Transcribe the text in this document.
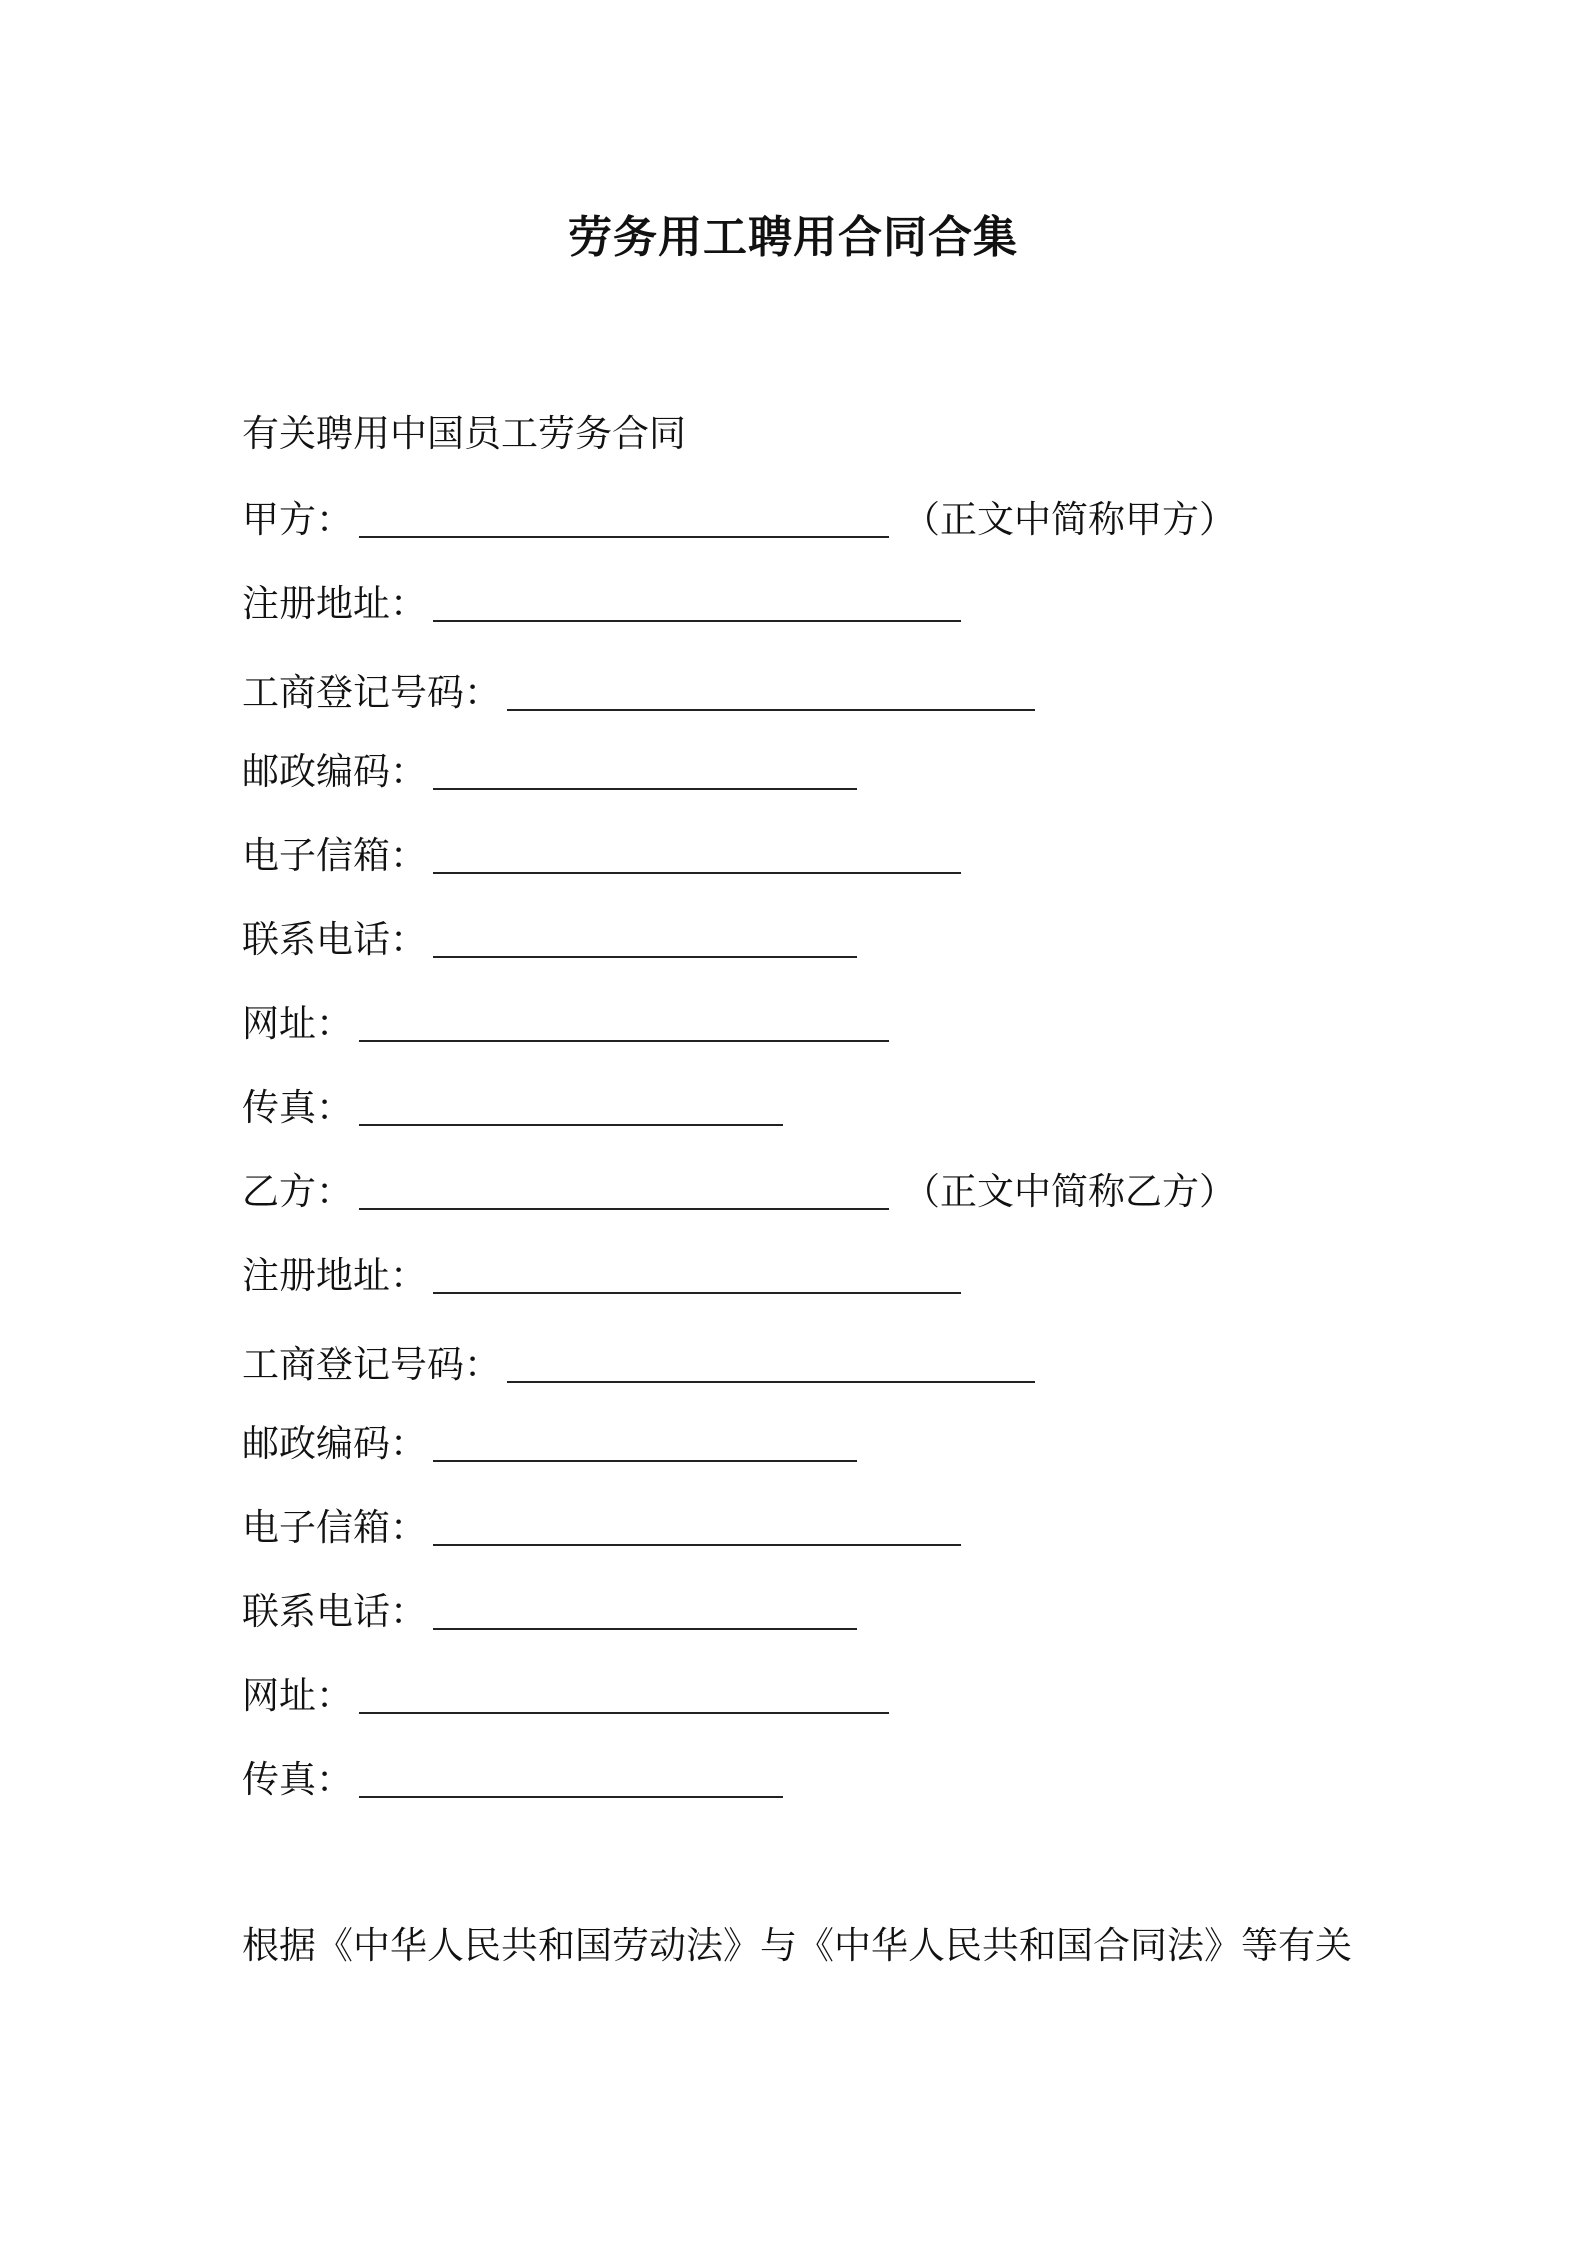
劳务用工聘用合同合集
有关聘用中国员工劳务合同
甲方：	（正文中简称甲方）
注册地址：
工商登记号码：
邮政编码：
电子信箱：
联系电话：
网址：
传真：
乙方：	（正文中简称乙方）
注册地址：
工商登记号码：
邮政编码：
电子信箱：
联系电话：
网址：
传真：
根据《中华人民共和国劳动法》与《中华人民共和国合同法》等有关
